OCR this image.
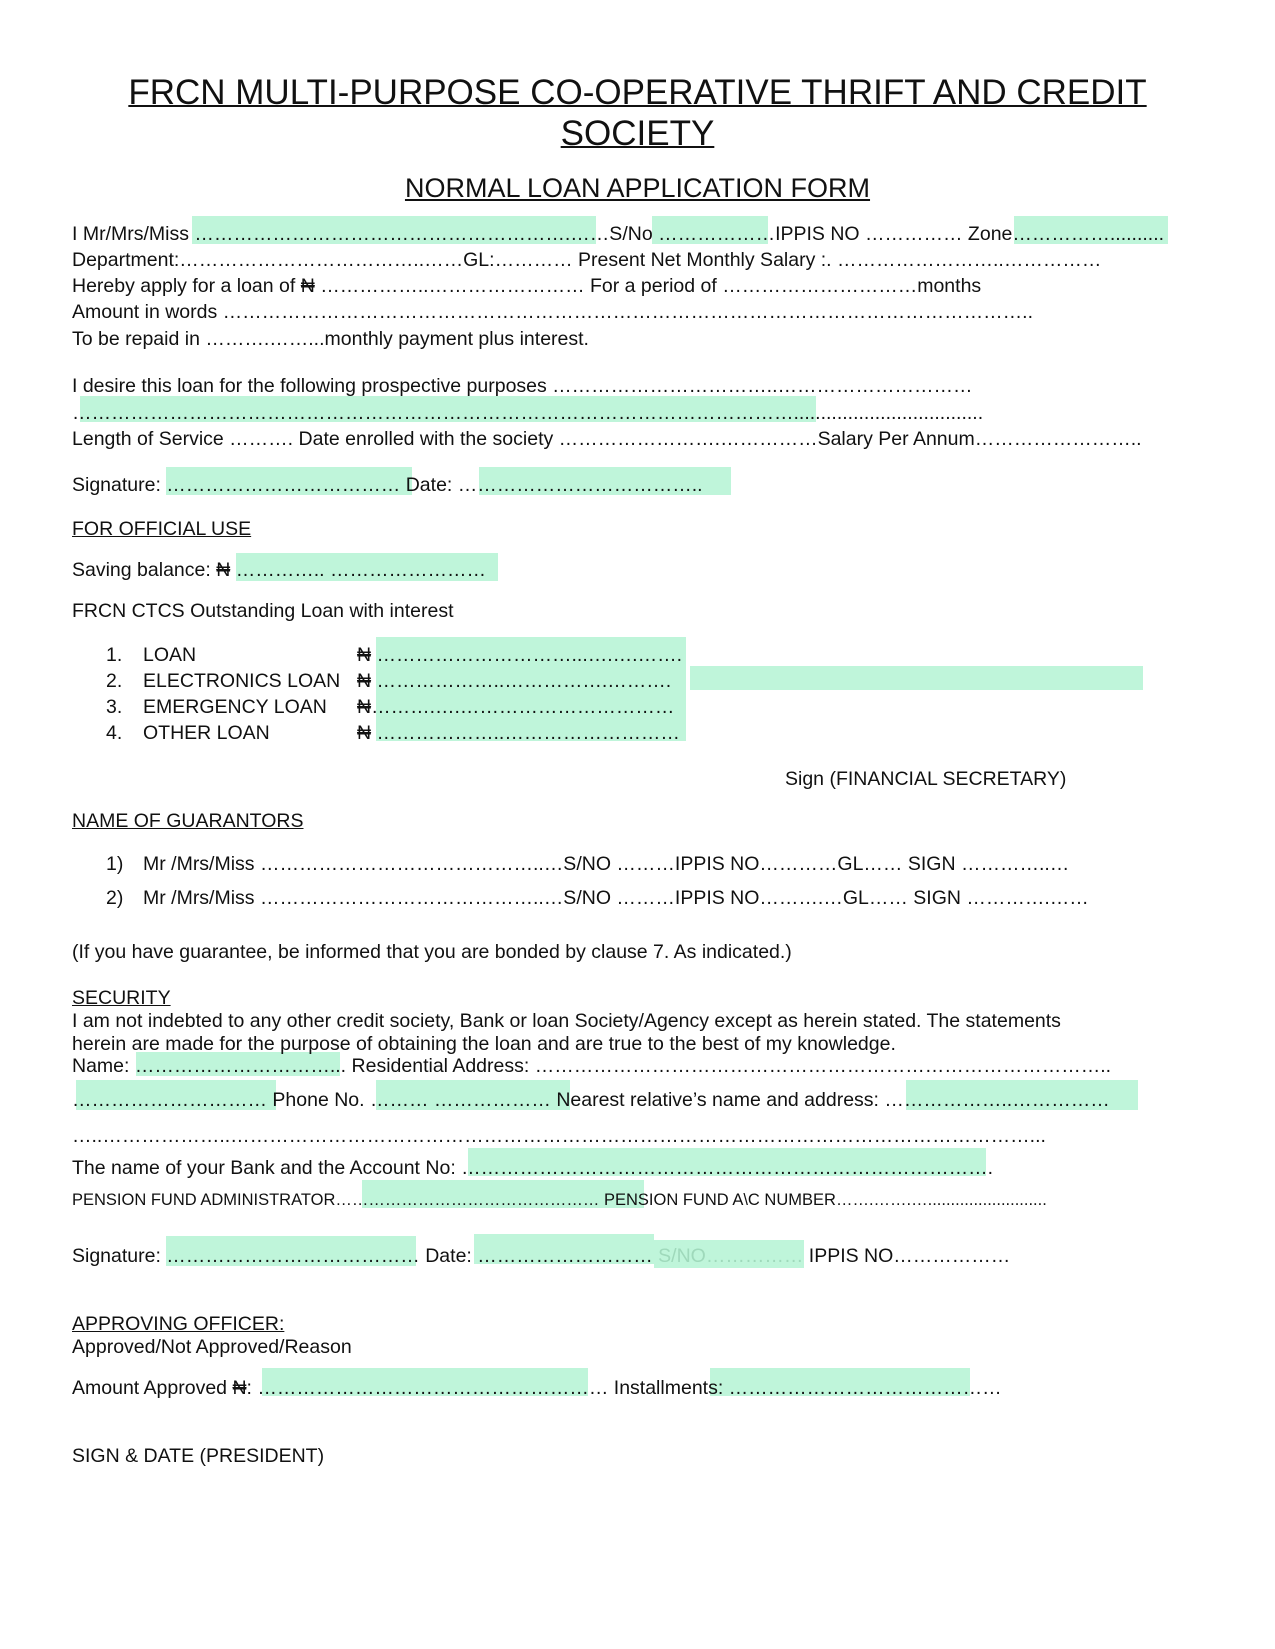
FRCN MULTI-PURPOSE CO-OPERATIVE THRIFT AND CREDIT
SOCIETY
NORMAL LOAN APPLICATION FORM
I Mr/Mrs/Miss ………………………………………………….……S/No ………………IPPIS NO …………… Zone……………..........
Department:………………………………..……GL:………… Present Net Monthly Salary :. ……………………..……………
Hereby apply for a loan of ₦ ……………..…………………… For a period of …………………………months
Amount in words ……………………………………………………………………………………………………………..
To be repaid in ……….……...monthly payment plus interest.
I desire this loan for the following prospective purposes ……………………………..…………………………
…………………………………………………………………………………………………...................................
Length of Service ………. Date enrolled with the society …………………….……………Salary Per Annum……………………..
Signature: ……………………………… Date: ………………………………..
FOR OFFICIAL USE
Saving balance: ₦ ………….. ……………………
FRCN CTCS Outstanding Loan with interest
1. LOAN	₦ …………………………...….….…….
2. ELECTRONICS LOAN ₦ ………………..…………….……….
3. EMERGENCY LOAN ₦……….….……………………………
4. OTHER LOAN	₦ ………………..………………………
Sign (FINANCIAL SECRETARY)
NAME OF GUARANTORS
1) Mr /Mrs/Miss ……………………………………..…S/NO ………IPPIS NO…………GL…… SIGN …………..…
2) Mr /Mrs/Miss ……………………………………..…S/NO ………IPPIS NO……….…GL…… SIGN ………….……
(If you have guarantee, be informed that you are bonded by clause 7. As indicated.)
SECURITY
I am not indebted to any other credit society, Bank or loan Society/Agency except as herein stated. The statements
herein are made for the purpose of obtaining the loan and are true to the best of my knowledge.
Name: …………………………... Residential Address: ……………………………………………………………………………..
………………………… Phone No. ……… ……………… Nearest relative’s name and address: ………………..……………
…..………………..……………………………………………………………………………………………………………...
The name of your Bank and the Account No: ……………………………………………………………………….
PENSION FUND ADMINISTRATOR………………………………………… PENSION FUND A\C NUMBER…….…….…..........................
Signature: ………………………………… Date: ……………………… S/NO…………… IPPIS NO………………
APPROVING OFFICER:
Approved/Not Approved/Reason
Amount Approved ₦: ……………………………………………… Installments: ……………………………………
SIGN & DATE (PRESIDENT)
